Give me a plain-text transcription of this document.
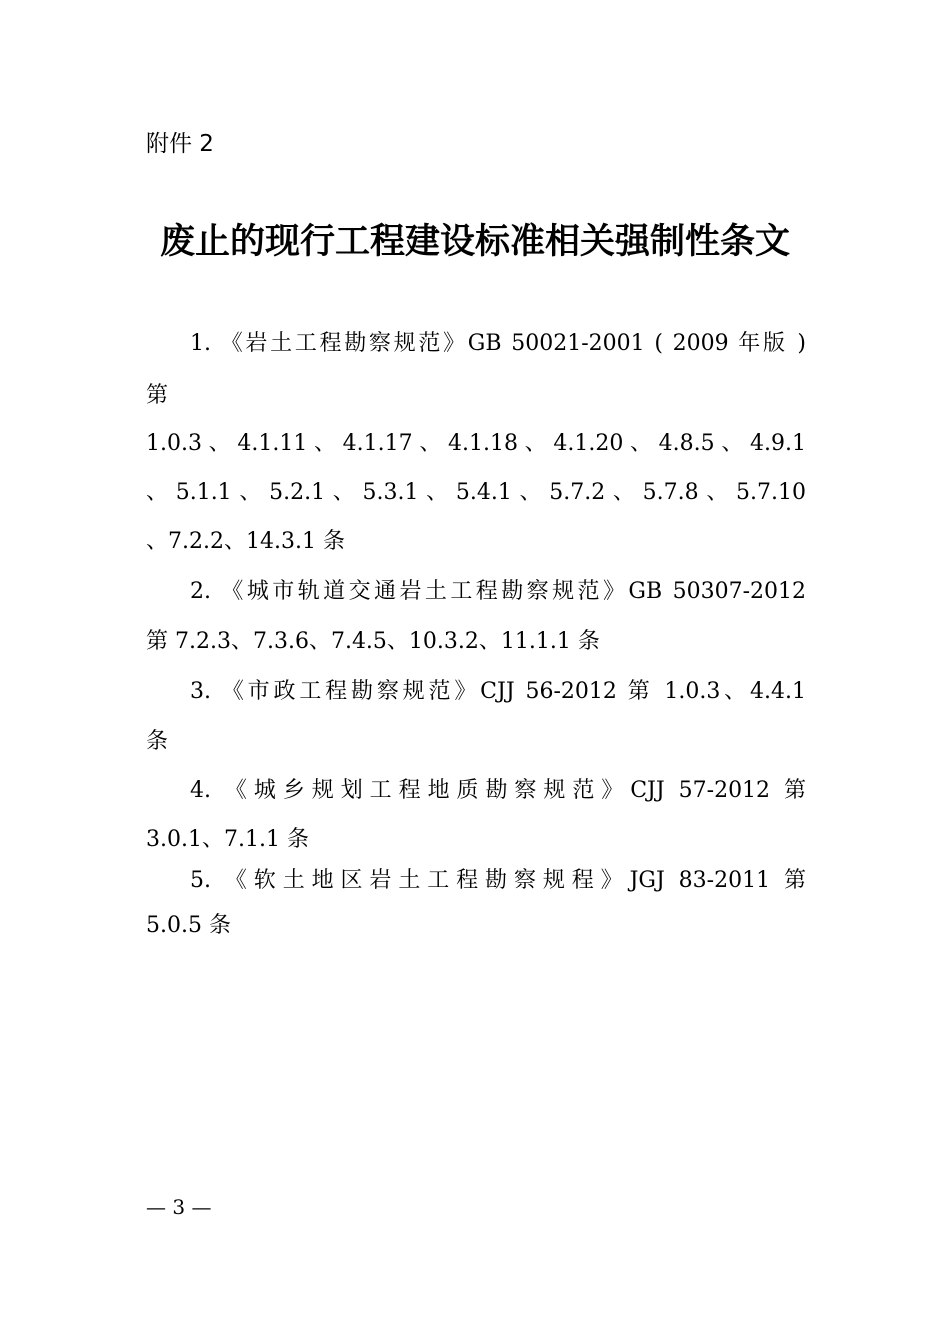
附件 2
废止的现行工程建设标准相关强制性条文
1. 《岩土工程勘察规范》GB 50021-2001 ( 2009 年版 )
第
1.0.3、4.1.11、4.1.17、4.1.18、4.1.20、4.8.5、4.9.1
、5.1.1、5.2.1、5.3.1、5.4.1、5.7.2、5.7.8、5.7.10
、7.2.2、14.3.1 条
2. 《城市轨道交通岩土工程勘察规范》GB 50307-2012
第 7.2.3、7.3.6、7.4.5、10.3.2、11.1.1 条
3. 《市政工程勘察规范》CJJ 56-2012 第 1.0.3、4.4.1
条
4. 《城乡规划工程地质勘察规范》CJJ 57-2012 第
3.0.1、7.1.1 条
5. 《软土地区岩土工程勘察规程》JGJ 83-2011 第
5.0.5 条
— 3 —
